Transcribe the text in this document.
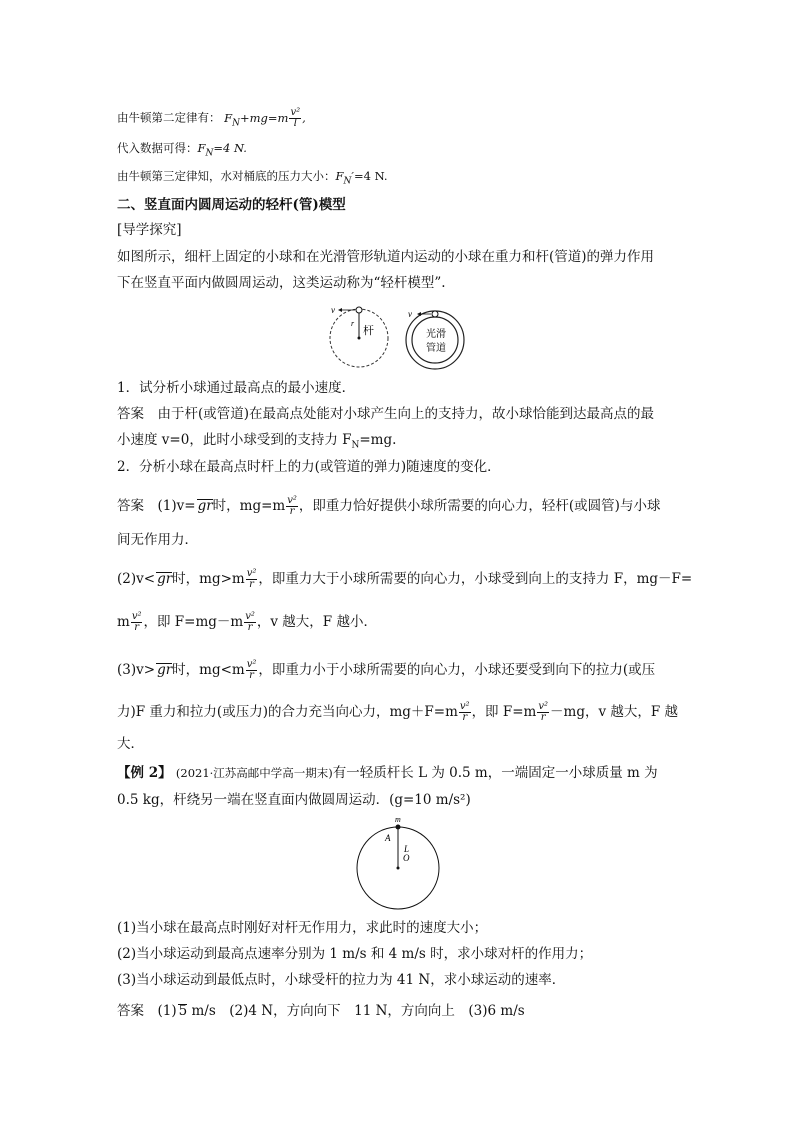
由牛顿第二定律有： $F_N+mg=m \frac{\text{v²}}{l}$ ,
代入数据可得：$F_N=4$ N.
由牛顿第三定律知，水对桶底的压力大小：$F_N'=4$ N.
二、竖直面内圆周运动的轻杆(管)模型
[导学探究]
如图所示，细杆上固定的小球和在光滑管形轨道内运动的小球在重力和杆(管道)的弹力作用
下在竖直平面内做圆周运动，这类运动称为“轻杆模型”.
v
r
杆
v
光滑
管道
1．试分析小球通过最高点的最小速度．
答案　由于杆(或管道)在最高点处能对小球产生向上的支持力，故小球恰能到达最高点的最
小速度 v=0，此时小球受到的支持力 $F_N=mg$.
2．分析小球在最高点时杆上的力(或管道的弹力)随速度的变化．
答案　(1)v= gr时，$mg=m \frac{\text{v²}}{r}$ ，即重力恰好提供小球所需要的向心力，轻杆(或圆管)与小球
间无作用力．
(2)v< gr时，$mg>m \frac{\text{v²}}{r}$ ，即重力大于小球所需要的向心力，小球受到向上的支持力 F，mg－F=
m $\frac{\text{v²}}{r}$ ，即 $F=mg-m \frac{\text{v²}}{r}$ ，v 越大，F 越小．
(3)v> gr时，$mg<m \frac{\text{v²}}{r}$ ，即重力小于小球所需要的向心力，小球还要受到向下的拉力(或压
力)F 重力和拉力(或压力)的合力充当向心力，$mg+F=m \frac{\text{v²}}{r}$ ，即 $F=m \frac{\text{v²}}{r} -mg$，v 越大，F 越
大．
【例 2】 (2021·江苏高邮中学高一期末)有一轻质杆长 L 为 0.5 m，一端固定一小球质量 m 为
0.5 kg，杆绕另一端在竖直面内做圆周运动．(g=10 m/s²)
m
A
L
O
(1)当小球在最高点时刚好对杆无作用力，求此时的速度大小；
(2)当小球运动到最高点速率分别为 1 m/s 和 4 m/s 时，求小球对杆的作用力；
(3)当小球运动到最低点时，小球受杆的拉力为 41 N，求小球运动的速率．
答案　(1) 5 m/s　(2)4 N，方向向下　11 N，方向向上　(3)6 m/s
